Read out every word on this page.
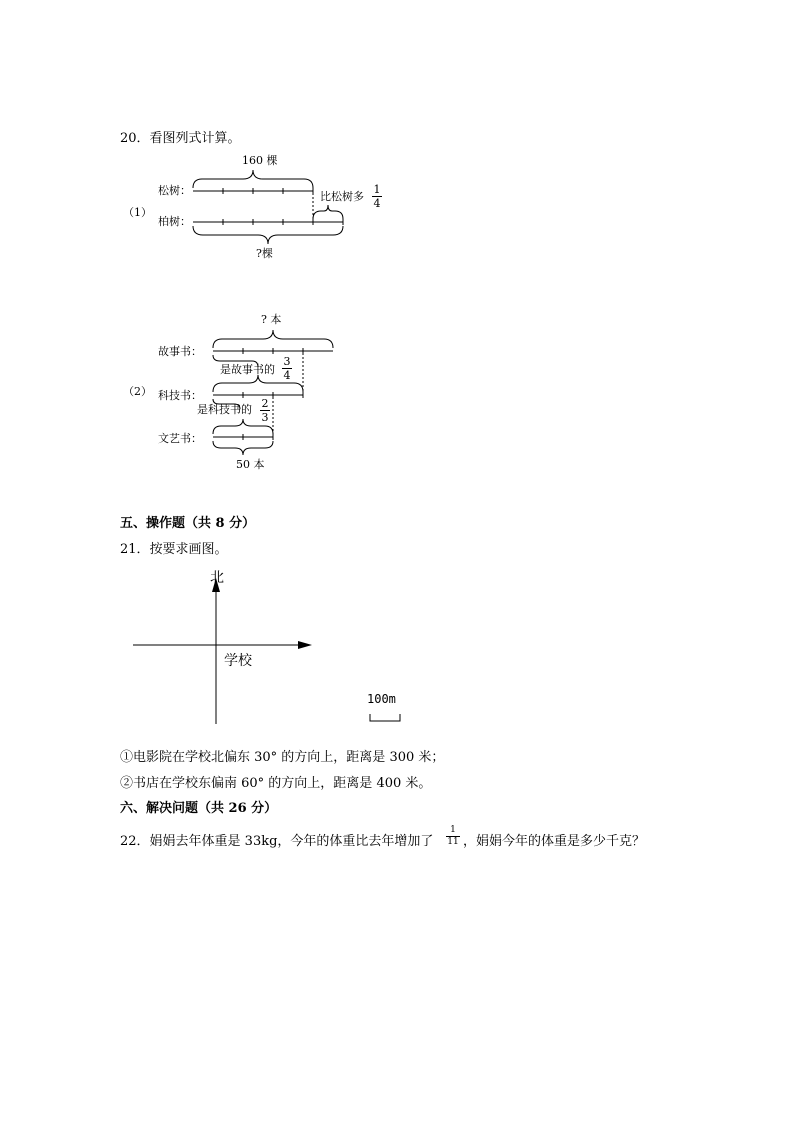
20．看图列式计算。
160 棵
松树：
（1）
柏树：
比松树多
1
4
?棵
? 本
故事书：
是故事书的
3
4
（2） 科技书：
是科技书的 2
3
文艺书：
50 本
五、操作题（共 8 分）
21．按要求画图。
北
学校
100m
①电影院在学校北偏东 30° 的方向上，距离是 300 米；
②书店在学校东偏南 60° 的方向上，距离是 400 米。
六、解决问题（共 26 分）
22．娟娟去年体重是 33kg，今年的体重比去年增加了
1
11 ，娟娟今年的体重是多少千克？
